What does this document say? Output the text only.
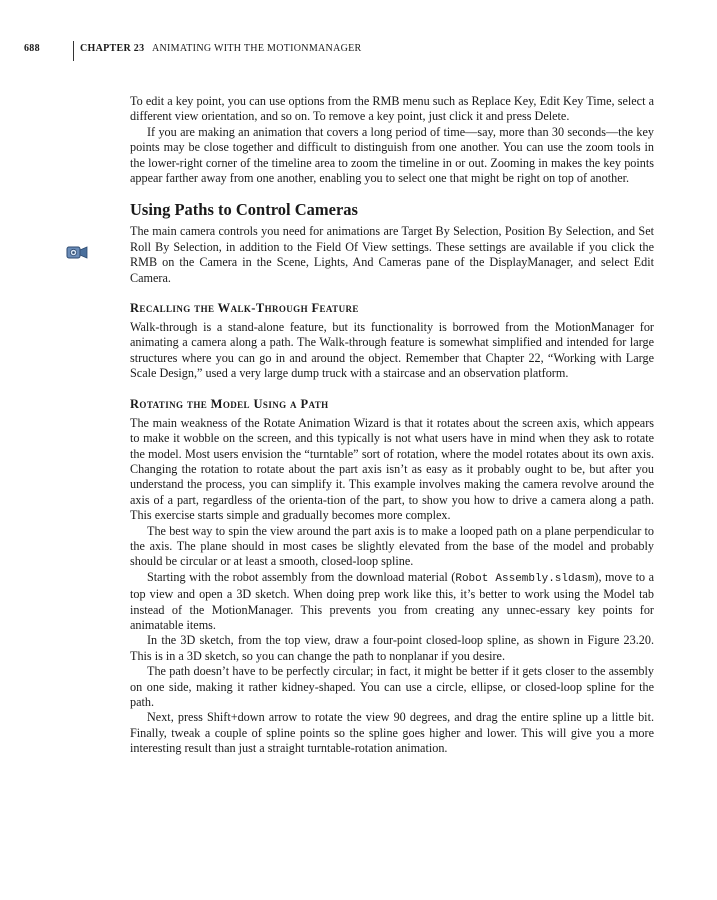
688	CHAPTER 23 ANIMATING WITH THE MOTIONMANAGER

To edit a key point, you can use options from the RMB menu such as Replace Key, Edit Key Time, select a different view orientation, and so on. To remove a key point, just click it and press Delete.

If you are making an animation that covers a long period of time—say, more than 30 seconds—the key points may be close together and difficult to distinguish from one another. You can use the zoom tools in the lower-right corner of the timeline area to zoom the timeline in or out. Zooming in makes the key points appear farther away from one another, enabling you to select one that might be right on top of another.

Using Paths to Control Cameras

The main camera controls you need for animations are Target By Selection, Position By Selection, and Set Roll By Selection, in addition to the Field Of View settings. These settings are available if you click the RMB on the Camera in the Scene, Lights, And Cameras pane of the DisplayManager, and select Edit Camera.

Recalling the Walk-Through Feature

Walk-through is a stand-alone feature, but its functionality is borrowed from the MotionManager for animating a camera along a path. The Walk-through feature is somewhat simplified and intended for large structures where you can go in and around the object. Remember that Chapter 22, “Working with Large Scale Design,” used a very large dump truck with a staircase and an observation platform.

Rotating the Model Using a Path

The main weakness of the Rotate Animation Wizard is that it rotates about the screen axis, which appears to make it wobble on the screen, and this typically is not what users have in mind when they ask to rotate the model. Most users envision the “turntable” sort of rotation, where the model rotates about its own axis. Changing the rotation to rotate about the part axis isn’t as easy as it probably ought to be, but after you understand the process, you can simplify it. This example involves making the camera revolve around the axis of a part, regardless of the orienta-tion of the part, to show you how to drive a camera along a path. This exercise starts simple and gradually becomes more complex.

The best way to spin the view around the part axis is to make a looped path on a plane perpendicular to the axis. The plane should in most cases be slightly elevated from the base of the model and probably should be circular or at least a smooth, closed-loop spline.

Starting with the robot assembly from the download material (Robot Assembly.sldasm), move to a top view and open a 3D sketch. When doing prep work like this, it’s better to work using the Model tab instead of the MotionManager. This prevents you from creating any unnec-essary key points for animatable items.

In the 3D sketch, from the top view, draw a four-point closed-loop spline, as shown in Figure 23.20. This is in a 3D sketch, so you can change the path to nonplanar if you desire.

The path doesn’t have to be perfectly circular; in fact, it might be better if it gets closer to the assembly on one side, making it rather kidney-shaped. You can use a circle, ellipse, or closed-loop spline for the path.

Next, press Shift+down arrow to rotate the view 90 degrees, and drag the entire spline up a little bit. Finally, tweak a couple of spline points so the spline goes higher and lower. This will give you a more interesting result than just a straight turntable-rotation animation.
